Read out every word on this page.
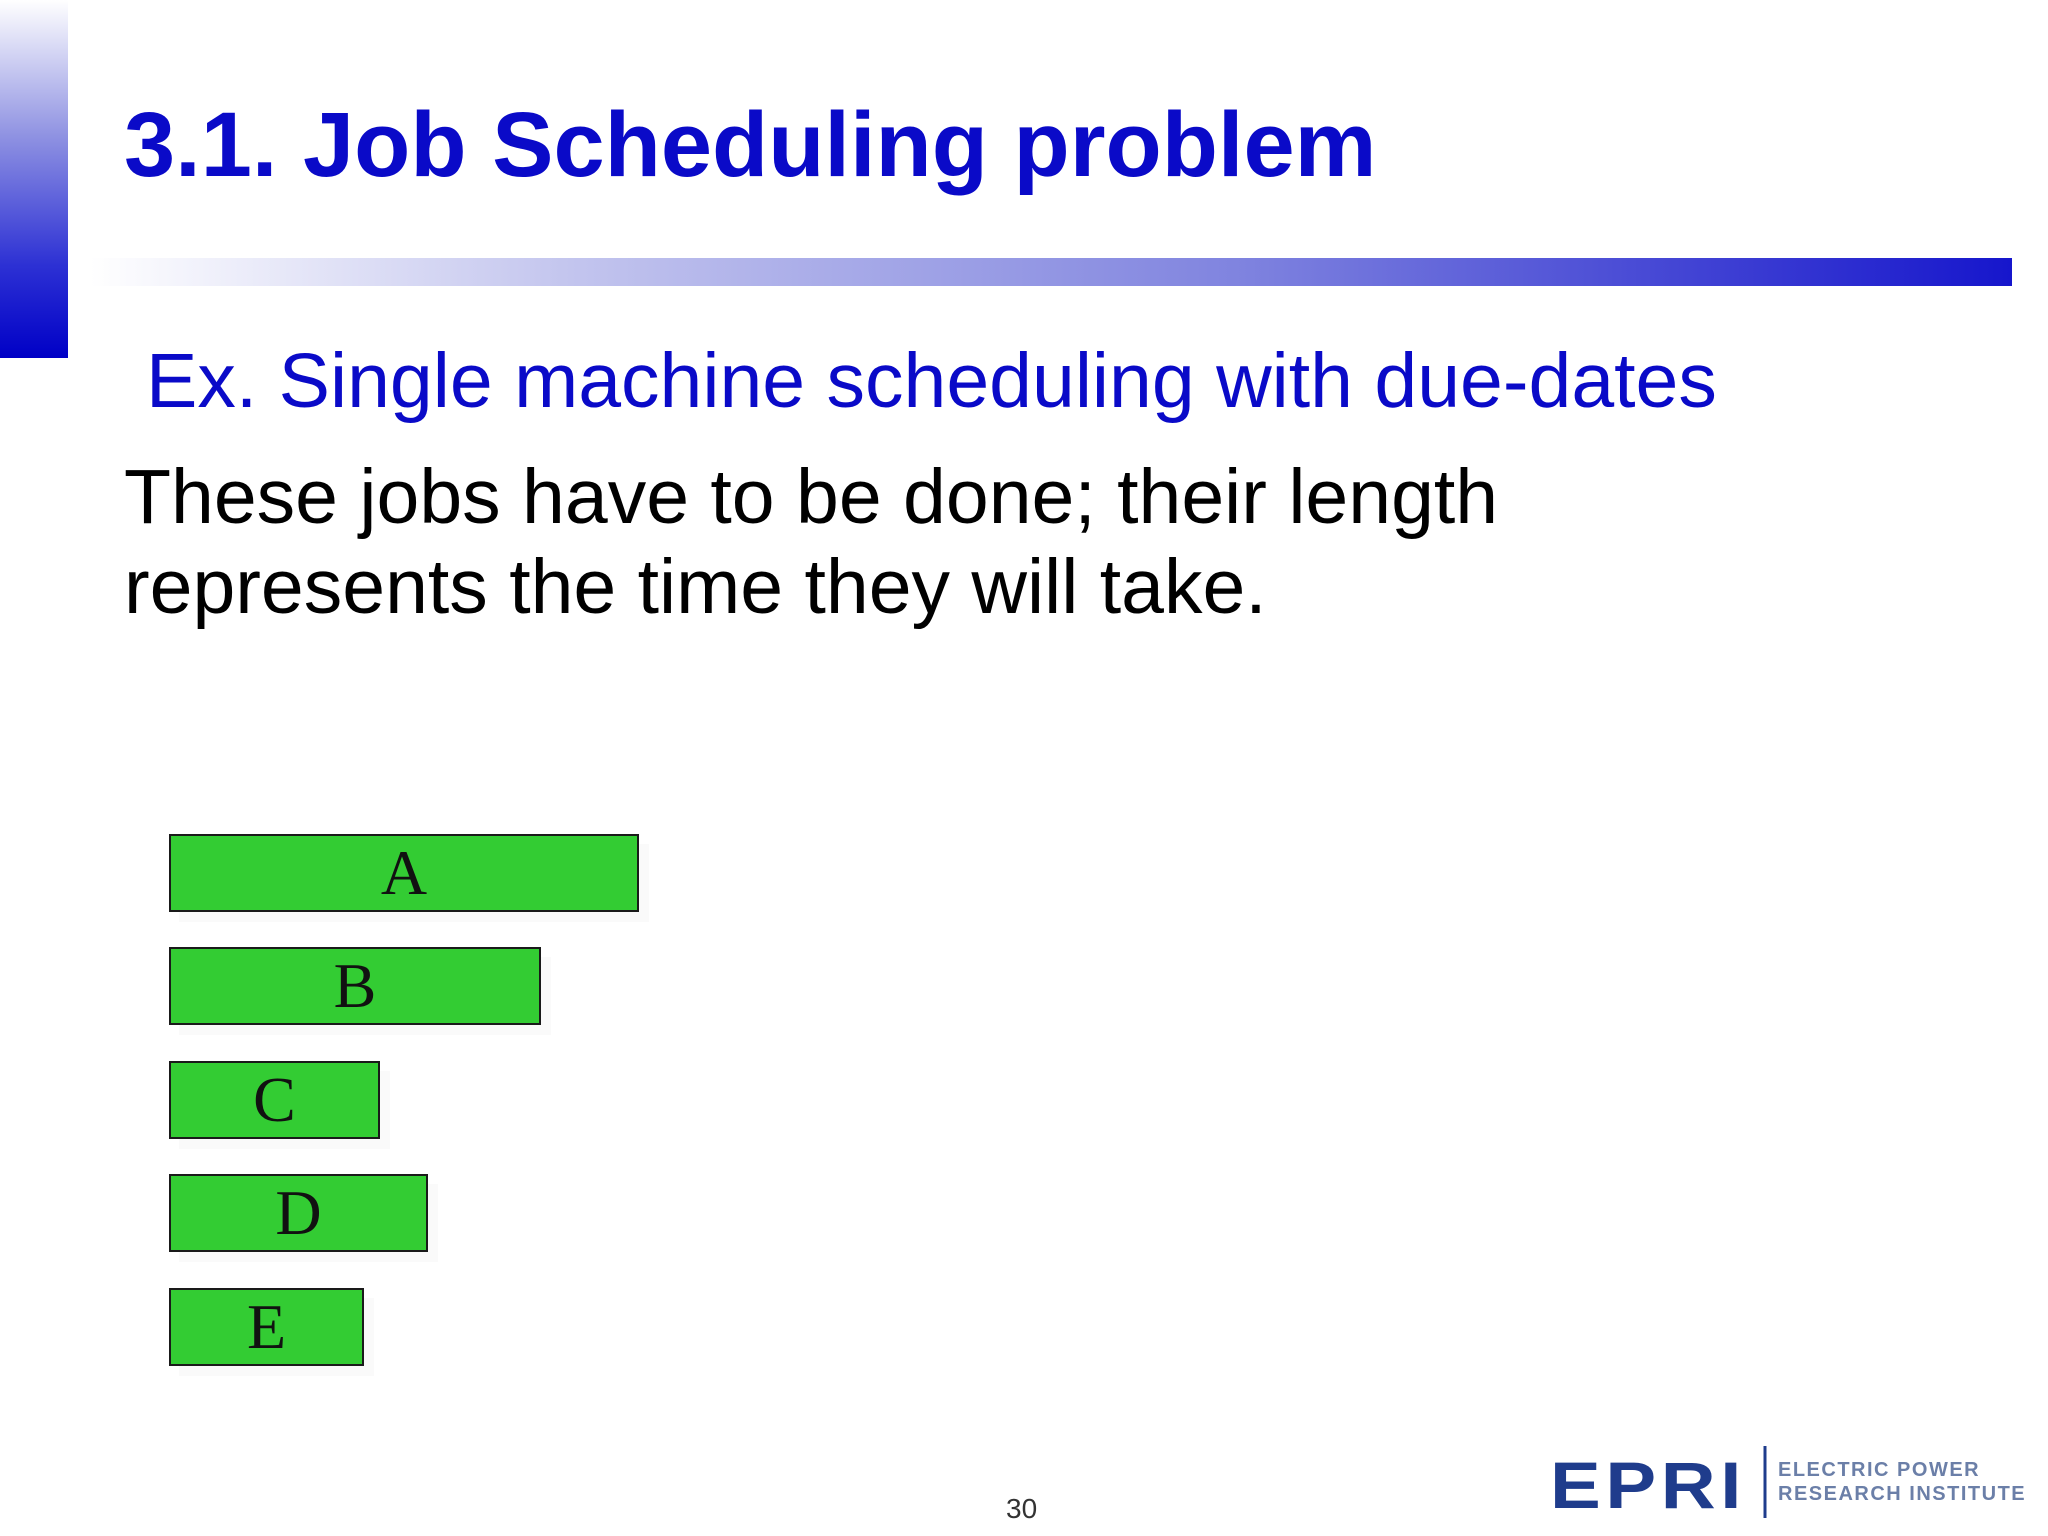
3.1. Job Scheduling problem

Ex. Single machine scheduling with due-dates

These jobs have to be done; their length
represents the time they will take.

A
B
C
D
E
30	EPRI ELECTRIC POWER
RESEARCH INSTITUTE
